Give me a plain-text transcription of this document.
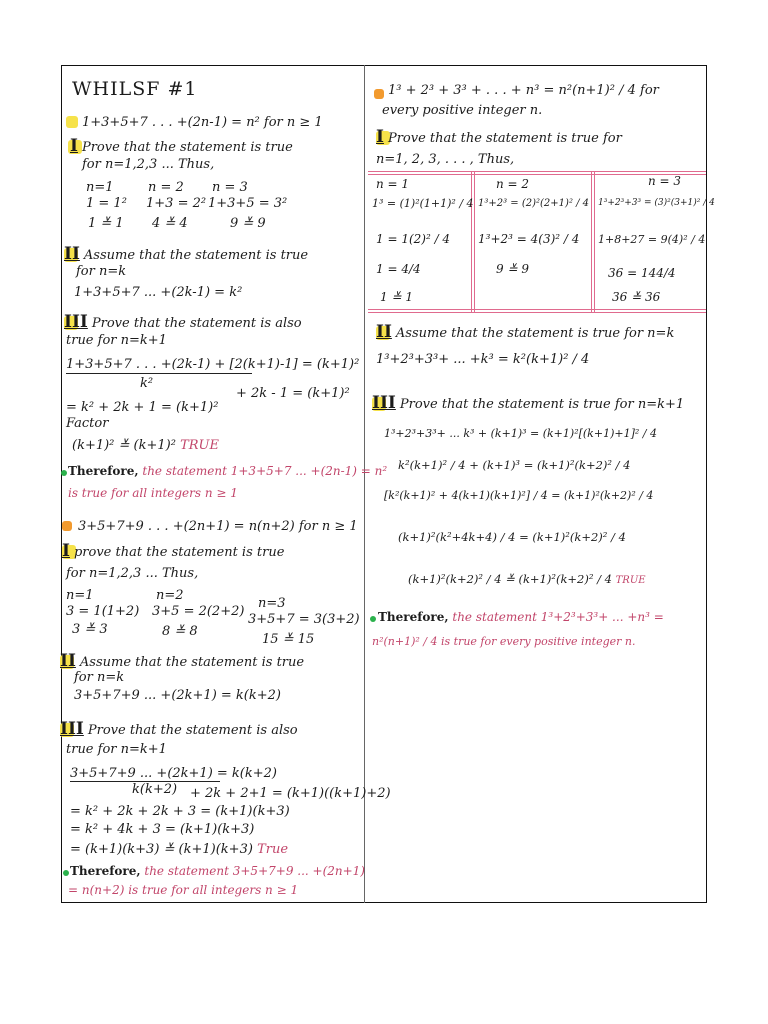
WHILSF #1
1+3+5+7 . . . +(2n-1) = n² for n ≥ 1
I Prove that the statement is true
for n=1,2,3 ... Thus,
n=1
1 = 1²
1 ≚ 1
n = 2
1+3 = 2²
4 ≚ 4
n = 3
1+3+5 = 3²
9 ≚ 9
II Assume that the statement is true
for n=k
1+3+5+7 ... +(2k-1) = k²
III Prove that the statement is also
true for n=k+1
1+3+5+7 . . . +(2k-1) + [2(k+1)-1] = (k+1)²
k²
+ 2k - 1 = (k+1)²
= k² + 2k + 1 = (k+1)²
Factor
(k+1)² ≚ (k+1)² TRUE
Therefore, the statement 1+3+5+7 ... +(2n-1) = n²
is true for all integers n ≥ 1
3+5+7+9 . . . +(2n+1) = n(n+2) for n ≥ 1
I prove that the statement is true
for n=1,2,3 ... Thus,
n=1
3 = 1(1+2)
3 ≚ 3
n=2
3+5 = 2(2+2)
8 ≚ 8
n=3
3+5+7 = 3(3+2)
15 ≚ 15
II Assume that the statement is true
for n=k
3+5+7+9 ... +(2k+1) = k(k+2)
III Prove that the statement is also
true for n=k+1
3+5+7+9 ... +(2k+1) = k(k+2)
k(k+2) + 2k + 2+1 = (k+1)((k+1)+2)
= k² + 2k + 2k + 3 = (k+1)(k+3)
= k² + 4k + 3 = (k+1)(k+3)
= (k+1)(k+3) ≚ (k+1)(k+3) True
Therefore, the statement 3+5+7+9 ... +(2n+1)
= n(n+2) is true for all integers n ≥ 1
1³ + 2³ + 3³ + . . . + n³ = n²(n+1)² / 4 for
every positive integer n.
I Prove that the statement is true for
n=1, 2, 3, . . . , Thus,
n = 1
1³ = (1)²(1+1)² / 4
1 = 1(2)² / 4
1 = 4/4
1 ≚ 1
n = 2
1³+2³ = (2)²(2+1)² / 4
1³+2³ = 4(3)² / 4
9 ≚ 9
n = 3
1³+2³+3³ = (3)²(3+1)² / 4
1+8+27 = 9(4)² / 4
36 = 144/4
36 ≚ 36
II Assume that the statement is true for n=k
1³+2³+3³+ ... +k³ = k²(k+1)² / 4
III Prove that the statement is true for n=k+1
1³+2³+3³+ ... k³ + (k+1)³ = (k+1)²[(k+1)+1]² / 4
k²(k+1)² / 4 + (k+1)³ = (k+1)²(k+2)² / 4
[k²(k+1)² + 4(k+1)(k+1)²] / 4 = (k+1)²(k+2)² / 4
(k+1)²(k²+4k+4) / 4 = (k+1)²(k+2)² / 4
(k+1)²(k+2)² / 4 ≚ (k+1)²(k+2)² / 4 TRUE
Therefore, the statement 1³+2³+3³+ ... +n³ =
n²(n+1)² / 4 is true for every positive integer n.
